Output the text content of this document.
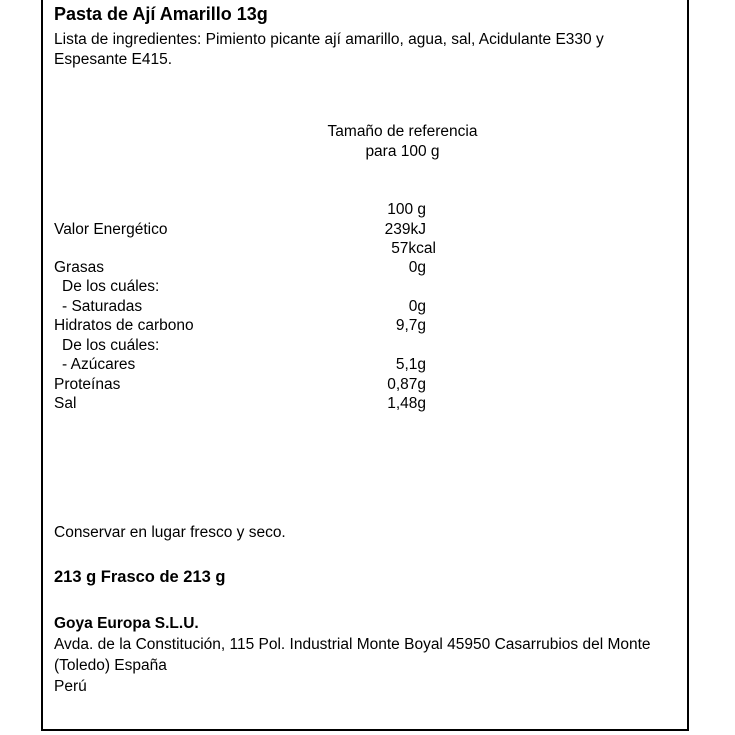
Pasta de Ají Amarillo 13g
Lista de ingredientes: Pimiento picante ají amarillo, agua, sal, Acidulante E330 y Espesante E415.
Tamaño de referencia
para 100 g
100 g
Valor Energético	239kJ
57kcal
Grasas	0g
De los cuáles:
- Saturadas	0g
Hidratos de carbono	9,7g
De los cuáles:
- Azúcares	5,1g
Proteínas	0,87g
Sal	1,48g
Conservar en lugar fresco y seco.
213 g Frasco de 213 g
Goya Europa S.L.U.
Avda. de la Constitución, 115 Pol. Industrial Monte Boyal 45950 Casarrubios del Monte (Toledo) España
Perú
